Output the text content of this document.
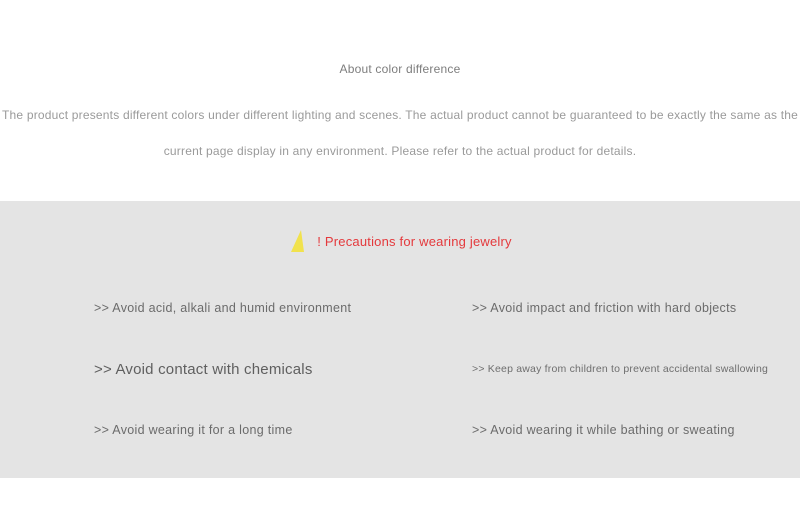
About color difference
The product presents different colors under different lighting and scenes. The actual product cannot be guaranteed to be exactly the same as the
current page display in any environment. Please refer to the actual product for details.
! Precautions for wearing jewelry
>> Avoid acid, alkali and humid environment	>> Avoid impact and friction with hard objects
>> Avoid contact with chemicals	>> Keep away from children to prevent accidental swallowing
>> Avoid wearing it for a long time	>> Avoid wearing it while bathing or sweating
